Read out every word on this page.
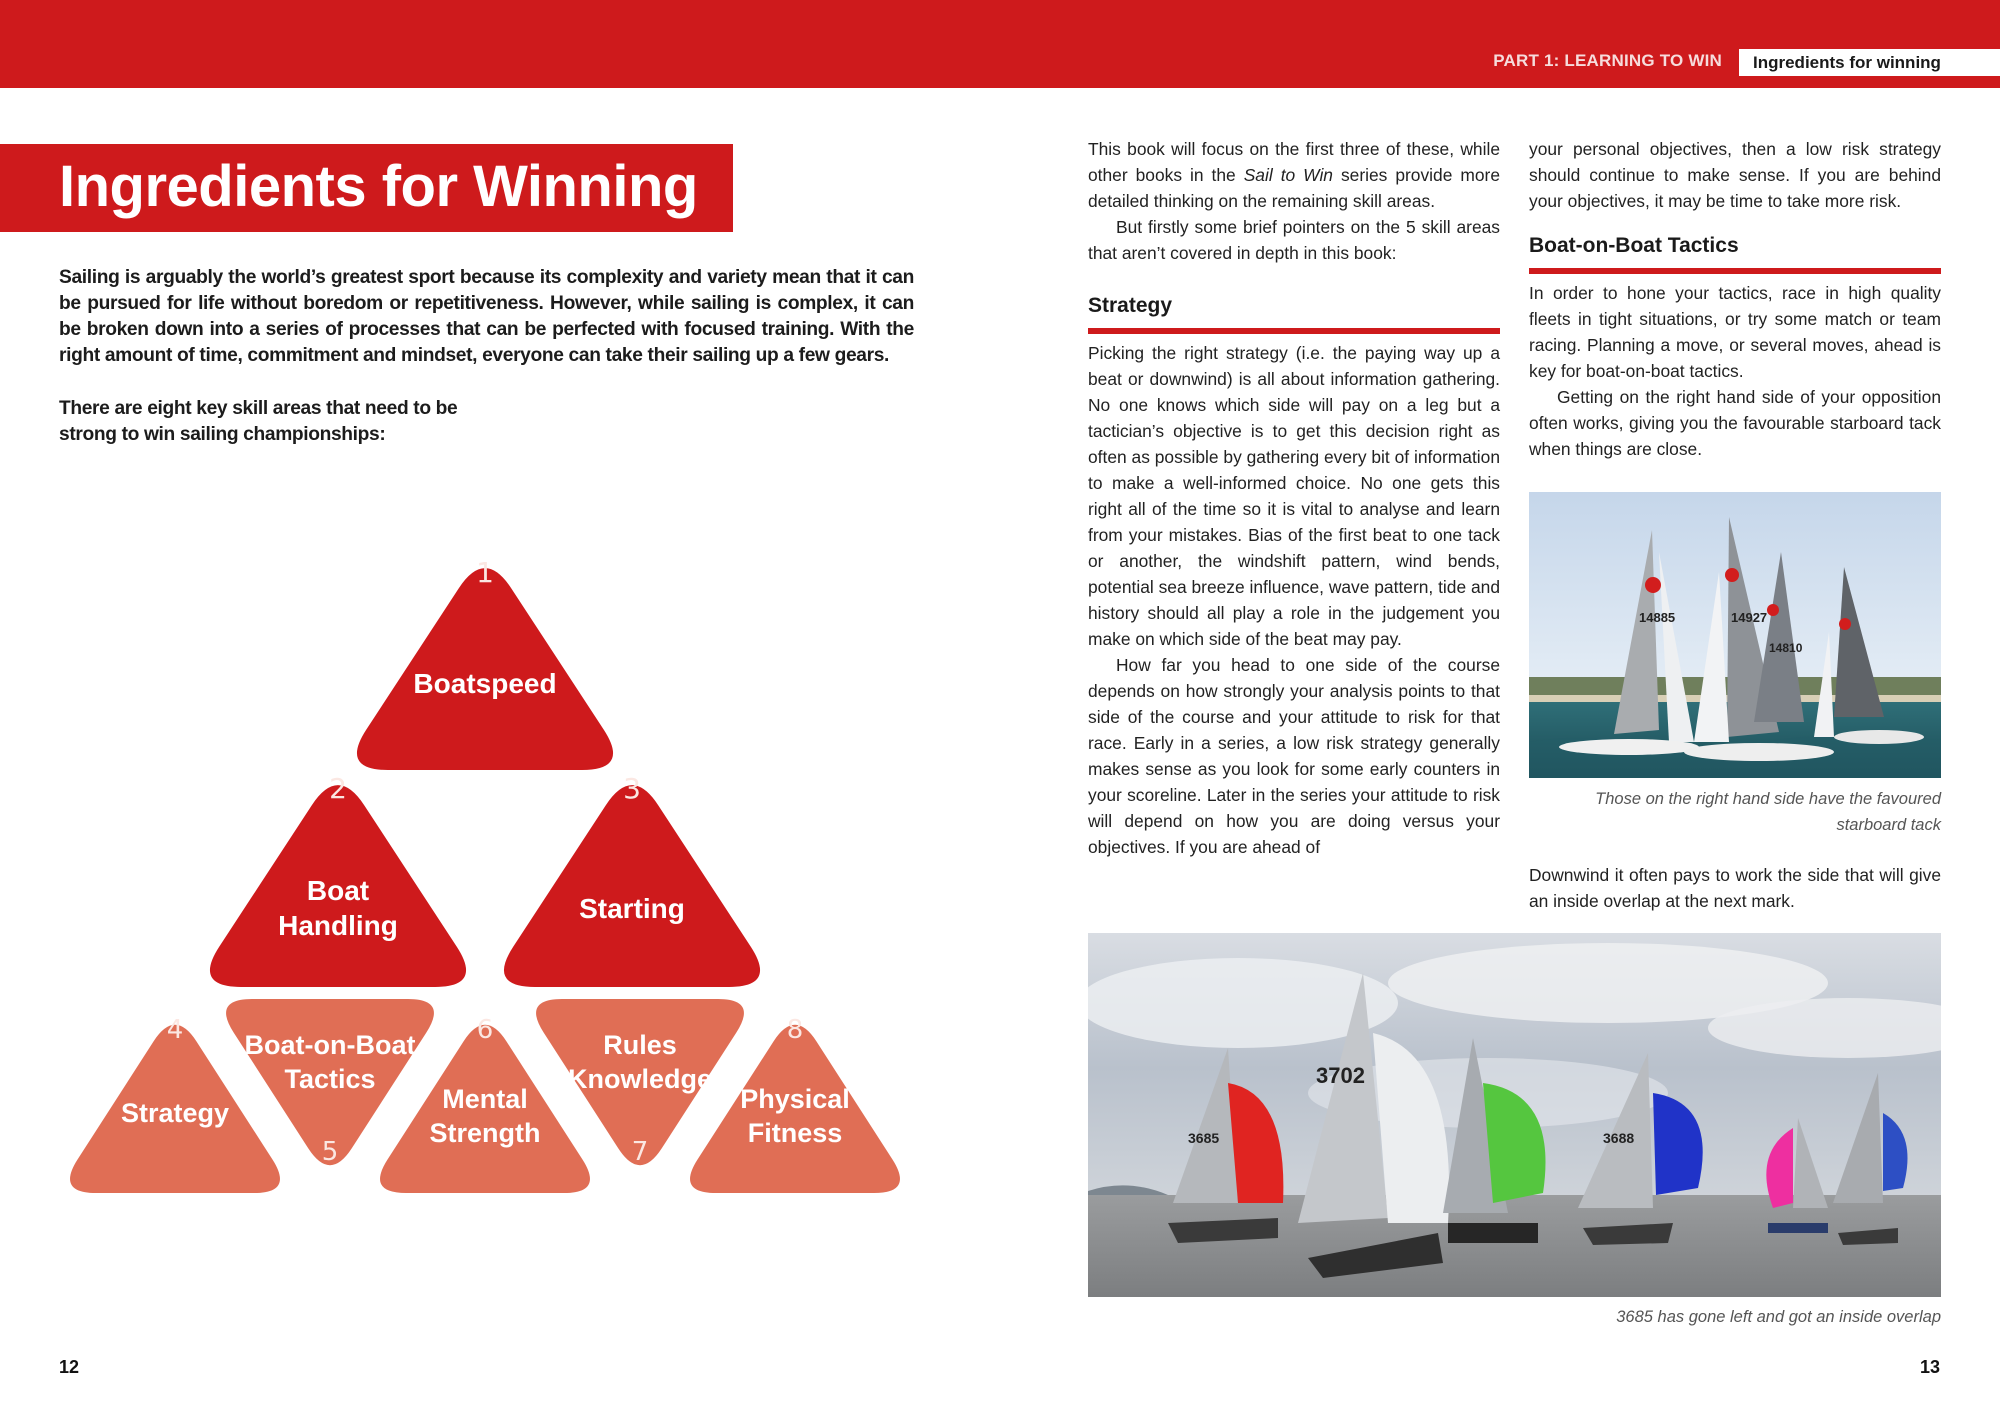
PART 1: LEARNING TO WIN Ingredients for winning
Ingredients for Winning

Sailing is arguably the world’s greatest sport because its complexity and variety mean that it can be pursued for life without boredom or repetitiveness. However, while sailing is complex, it can be broken down into a series of processes that can be perfected with focused training. With the right amount of time, commitment and mindset, everyone can take their sailing up a few gears.

There are eight key skill areas that need to be strong to win sailing championships:

1
Boatspeed
2
Boat
Handling
3
Starting
4
Strategy
5
Boat-on-Boat
Tactics
6
Mental
Strength
7
Rules
Knowledge
8
Physical
Fitness
12

This book will focus on the first three of these, while other books in the Sail to Win series provide more detailed thinking on the remaining skill areas.

But firstly some brief pointers on the 5 skill areas that aren’t covered in depth in this book:

Strategy

Picking the right strategy (i.e. the paying way up a beat or downwind) is all about information gathering. No one knows which side will pay on a leg but a tactician’s objective is to get this decision right as often as possible by gathering every bit of information to make a well-informed choice. No one gets this right all of the time so it is vital to analyse and learn from your mistakes. Bias of the first beat to one tack or another, the windshift pattern, wind bends, potential sea breeze influence, wave pattern, tide and history should all play a role in the judgement you make on which side of the beat may pay.

How far you head to one side of the course depends on how strongly your analysis points to that side of the course and your attitude to risk for that race. Early in a series, a low risk strategy generally makes sense as you look for some early counters in your scoreline. Later in the series your attitude to risk will depend on how you are doing versus your objectives. If you are ahead of

your personal objectives, then a low risk strategy should continue to make sense. If you are behind your objectives, it may be time to take more risk.

Boat-on-Boat Tactics

In order to hone your tactics, race in high quality fleets in tight situations, or try some match or team racing. Planning a move, or several moves, ahead is key for boat-on-boat tactics.

Getting on the right hand side of your opposition often works, giving you the favourable starboard tack when things are close.

14885	14927
14810
Those on the right hand side have the favoured starboard tack
Downwind it often pays to work the side that will give an inside overlap at the next mark.
3685
3702
3688
3685 has gone left and got an inside overlap
13
